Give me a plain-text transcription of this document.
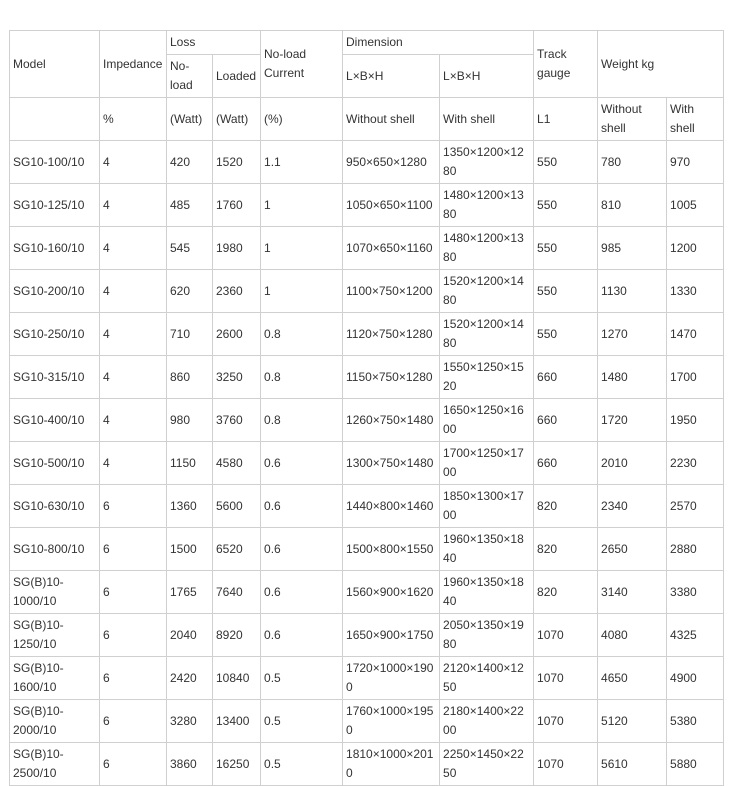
Model	Impedance	Loss		No-load Current	Dimension		Track gauge	Weight kg	
		No-load	Loaded		L×B×H	L×B×H			
	%	(Watt)	(Watt)	(%)	Without shell	With shell	L1	Without shell	With shell
SG10-100/10	4	420	1520	1.1	950×650×1280	1350×1200×1280	550	780	970
SG10-125/10	4	485	1760	1	1050×650×1100	1480×1200×1380	550	810	1005
SG10-160/10	4	545	1980	1	1070×650×1160	1480×1200×1380	550	985	1200
SG10-200/10	4	620	2360	1	1100×750×1200	1520×1200×1480	550	1130	1330
SG10-250/10	4	710	2600	0.8	1120×750×1280	1520×1200×1480	550	1270	1470
SG10-315/10	4	860	3250	0.8	1150×750×1280	1550×1250×1520	660	1480	1700
SG10-400/10	4	980	3760	0.8	1260×750×1480	1650×1250×1600	660	1720	1950
SG10-500/10	4	1150	4580	0.6	1300×750×1480	1700×1250×1700	660	2010	2230
SG10-630/10	6	1360	5600	0.6	1440×800×1460	1850×1300×1700	820	2340	2570
SG10-800/10	6	1500	6520	0.6	1500×800×1550	1960×1350×1840	820	2650	2880
SG(B)10-1000/10	6	1765	7640	0.6	1560×900×1620	1960×1350×1840	820	3140	3380
SG(B)10-1250/10	6	2040	8920	0.6	1650×900×1750	2050×1350×1980	1070	4080	4325
SG(B)10-1600/10	6	2420	10840	0.5	1720×1000×1900	2120×1400×1250	1070	4650	4900
SG(B)10-2000/10	6	3280	13400	0.5	1760×1000×1950	2180×1400×2200	1070	5120	5380
SG(B)10-2500/10	6	3860	16250	0.5	1810×1000×2010	2250×1450×2250	1070	5610	5880
